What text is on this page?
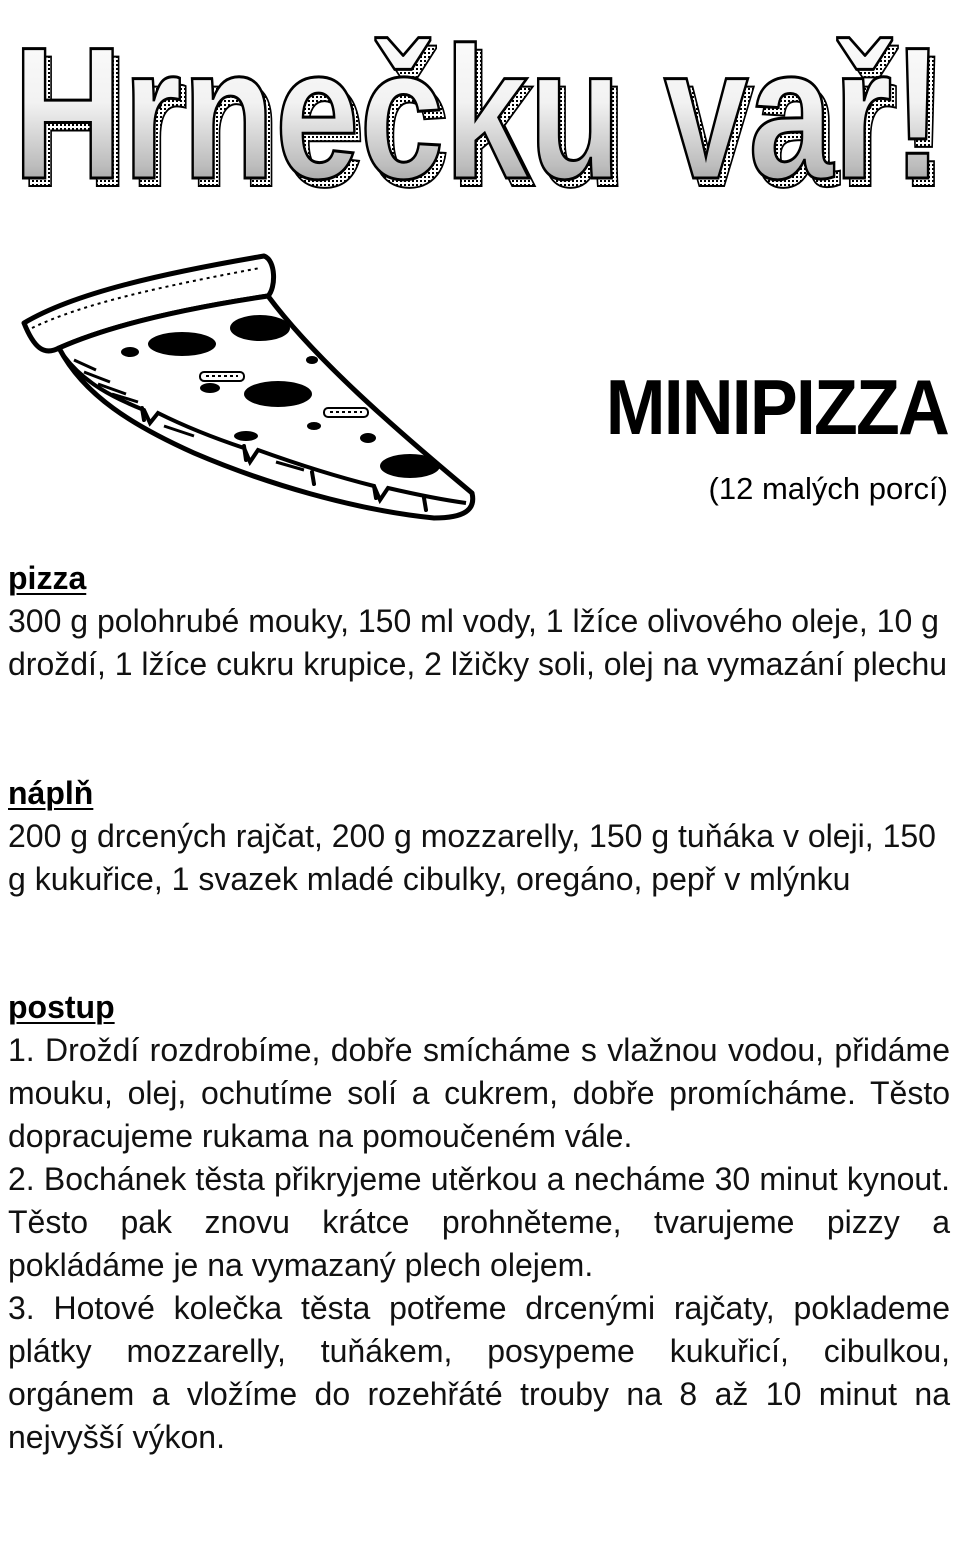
Hrnečku vař!
Hrnečku vař!
MINIPIZZA
(12 malých porcí)
pizza
300 g polohrubé mouky, 150 ml vody, 1 lžíce olivového oleje, 10 g droždí, 1 lžíce cukru krupice, 2 lžičky soli, olej na vymazání plechu
náplň
200 g drcených rajčat, 200 g mozzarelly, 150 g tuňáka v oleji, 150 g kukuřice, 1 svazek mladé cibulky, oregáno, pepř v mlýnku
postup
1. Droždí rozdrobíme, dobře smícháme s vlažnou vodou, přidáme mouku, olej, ochutíme solí a cukrem, dobře promícháme. Těsto dopracujeme rukama na pomoučeném vále.
2. Bochánek těsta přikryjeme utěrkou a necháme 30 minut kynout. Těsto pak znovu krátce prohněteme, tvarujeme pizzy a pokládáme je na vymazaný plech olejem.
3. Hotové kolečka těsta potřeme drcenými rajčaty, poklademe plátky mozzarelly, tuňákem, posypeme kukuřicí, cibulkou, orgánem a vložíme do rozehřáté trouby na 8 až 10 minut na nejvyšší výkon.
